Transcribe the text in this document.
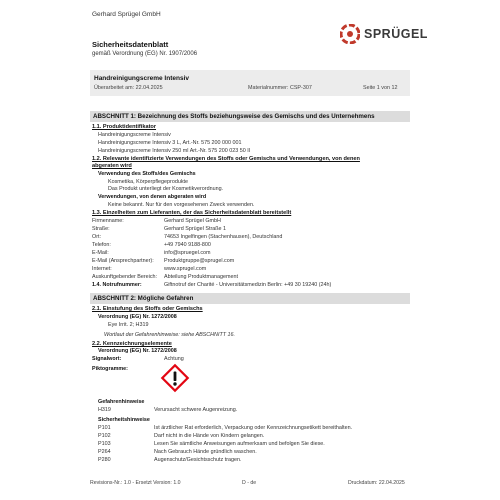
Gerhard Sprügel GmbH
SPRÜGEL
Sicherheitsdatenblatt
gemäß Verordnung (EG) Nr. 1907/2006
Handreinigungscreme Intensiv
Überarbeitet am: 22.04.2025	Materialnummer: CSP-307	Seite 1 von 12
ABSCHNITT 1: Bezeichnung des Stoffs beziehungsweise des Gemischs und des Unternehmens
1.1. Produktidentifikator
Handreinigungscreme Intensiv
Handreinigungscreme Intensiv 3 L, Art.-Nr. 575 200 000 001
Handreinigungscreme Intensiv 250 ml Art.-Nr. 575 200 023 50 II
1.2. Relevante identifizierte Verwendungen des Stoffs oder Gemischs und Verwendungen, von denen
abgeraten wird
Verwendung des Stoffs/des Gemischs
Kosmetika, Körperpflegeprodukte
Das Produkt unterliegt der Kosmetikverordnung.
Verwendungen, von denen abgeraten wird
Keine bekannt. Nur für den vorgesehenen Zweck verwenden.
1.3. Einzelheiten zum Lieferanten, der das Sicherheitsdatenblatt bereitstellt
Firmenname:	Gerhard Sprügel GmbH
Straße:	Gerhard Sprügel Straße 1
Ort:	74653 Ingelfingen (Stachenhausen), Deutschland
Telefon:	+49 7940 9188-800
E-Mail:	info@spruegel.com
E-Mail (Ansprechpartner): Produktgruppe@sprugel.com
Internet:	www.sprugel.com
Auskunftgebender Bereich: Abteilung Produktmanagement
1.4. Notrufnummer:	Giftnotruf der Charité - Universitätsmedizin Berlin: +49 30 19240 (24h)
ABSCHNITT 2: Mögliche Gefahren
2.1. Einstufung des Stoffs oder Gemischs
Verordnung (EG) Nr. 1272/2008
Eye Irrit. 2; H319
Wortlaut der Gefahrenhinweise: siehe ABSCHNITT 16.
2.2. Kennzeichnungselemente
Verordnung (EG) Nr. 1272/2008
Signalwort:	Achtung
Piktogramme:
Gefahrenhinweise
H319	Verursacht schwere Augenreizung.
Sicherheitshinweise
P101	Ist ärztlicher Rat erforderlich, Verpackung oder Kennzeichnungsetikett bereithalten.
P102	Darf nicht in die Hände von Kindern gelangen.
P103	Lesen Sie sämtliche Anweisungen aufmerksam und befolgen Sie diese.
P264	Nach Gebrauch Hände gründlich waschen.
P280	Augenschutz/Gesichtsschutz tragen.
Revisions-Nr.: 1.0 - Ersetzt Version: 1.0	D - de	Druckdatum: 22.04.2025
